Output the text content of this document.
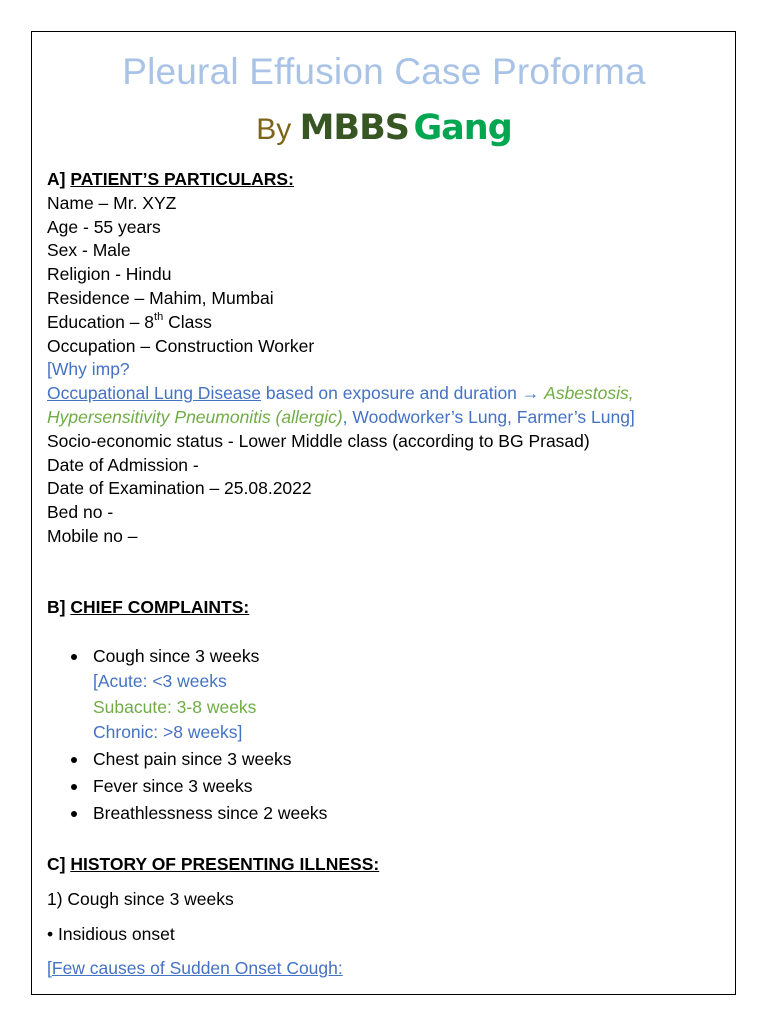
Pleural Effusion Case Proforma
By MBBS Gang
A] PATIENT’S PARTICULARS:
Name – Mr. XYZ
Age - 55 years
Sex - Male
Religion - Hindu
Residence – Mahim, Mumbai
Education – 8th Class
Occupation – Construction Worker
[Why imp?
Occupational Lung Disease based on exposure and duration → Asbestosis,
Hypersensitivity Pneumonitis (allergic), Woodworker’s Lung, Farmer’s Lung]
Socio-economic status - Lower Middle class (according to BG Prasad)
Date of Admission -
Date of Examination – 25.08.2022
Bed no -
Mobile no –
B] CHIEF COMPLAINTS:
Cough since 3 weeks
[Acute: <3 weeks
Subacute: 3-8 weeks
Chronic: >8 weeks]
Chest pain since 3 weeks
Fever since 3 weeks
Breathlessness since 2 weeks
C] HISTORY OF PRESENTING ILLNESS:
1) Cough since 3 weeks
• Insidious onset
[Few causes of Sudden Onset Cough:
